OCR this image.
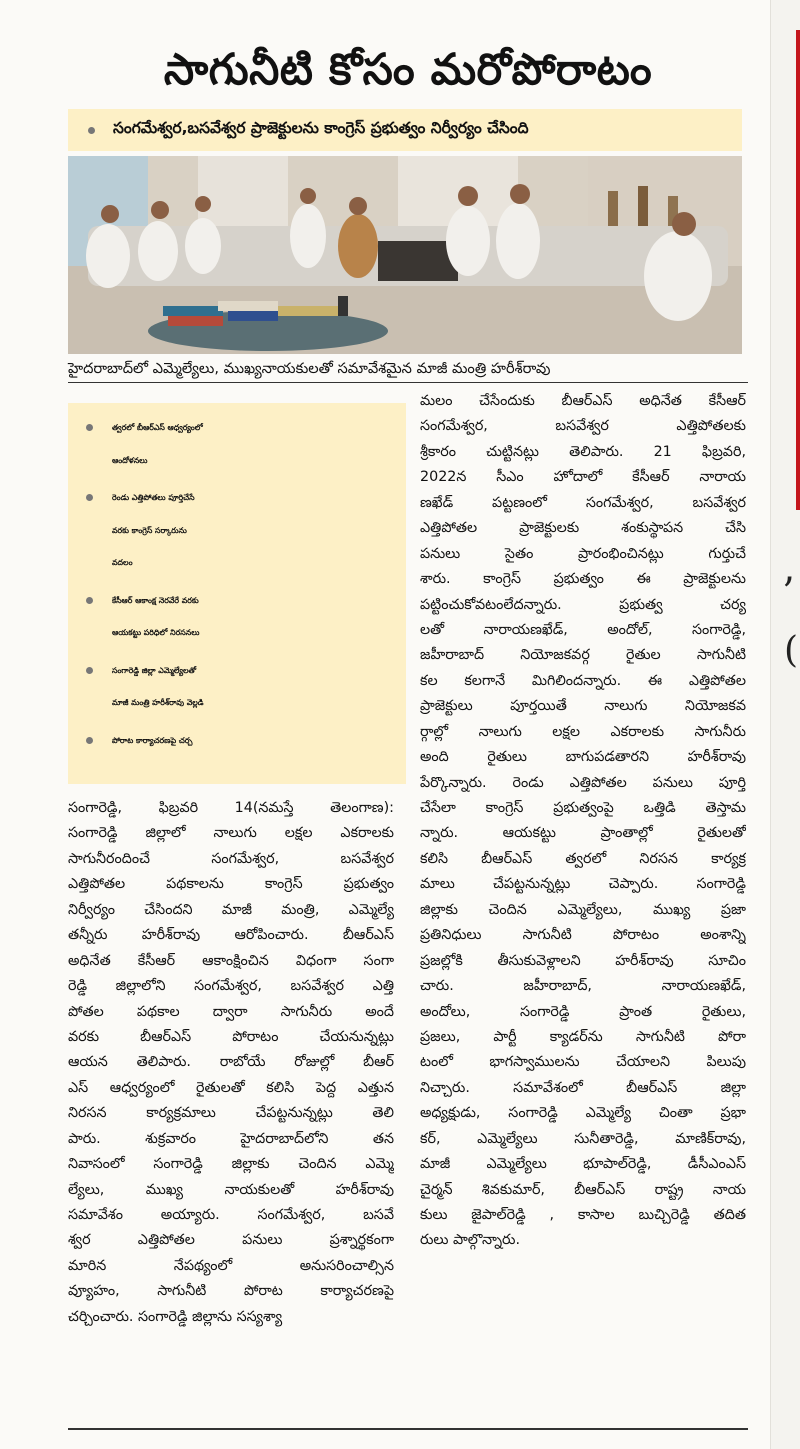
’
(
సాగునీటి కోసం మరోపోరాటం
సంగమేశ్వర,బసవేశ్వర ప్రాజెక్టులను కాంగ్రెస్ ప్రభుత్వం నిర్వీర్యం చేసింది
హైదరాబాద్‌లో ఎమ్మెల్యేలు, ముఖ్యనాయకులతో సమావేశమైన మాజీ మంత్రి హరీశ్‌రావు
త్వరలో బీఆర్ఎస్ ఆధ్వర్యంలో
ఆందోళనలు
రెండు ఎత్తిపోతలు పూర్తిచేసే
వరకు కాంగ్రెస్ సర్కారును
వదలం
కేసీఆర్ ఆకాంక్ష నెరవేరే వరకు
ఆయకట్టు పరిధిలో నిరసనలు
సంగారెడ్డి జిల్లా ఎమ్మెల్యేలతో
మాజీ మంత్రి హరీశ్‌రావు వెల్లడి
పోరాట కార్యాచరణపై చర్చ
సంగారెడ్డి, ఫిబ్రవరి 14(నమస్తే తెలంగాణ):
సంగారెడ్డి జిల్లాలో నాలుగు లక్షల ఎకరాలకు
సాగునీరందించే సంగమేశ్వర, బసవేశ్వర
ఎత్తిపోతల పథకాలను కాంగ్రెస్ ప్రభుత్వం
నిర్వీర్యం చేసిందని మాజీ మంత్రి, ఎమ్మెల్యే
తన్నీరు హరీశ్‌రావు ఆరోపించారు. బీఆర్ఎస్
అధినేత కేసీఆర్ ఆకాంక్షించిన విధంగా సంగా
రెడ్డి జిల్లాలోని సంగమేశ్వర, బసవేశ్వర ఎత్తి
పోతల పథకాల ద్వారా సాగునీరు అందే
వరకు బీఆర్ఎస్ పోరాటం చేయనున్నట్లు
ఆయన తెలిపారు. రాబోయే రోజుల్లో బీఆర్
ఎస్ ఆధ్వర్యంలో రైతులతో కలిసి పెద్ద ఎత్తున
నిరసన కార్యక్రమాలు చేపట్టనున్నట్లు తెలి
పారు. శుక్రవారం హైదరాబాద్‌లోని తన
నివాసంలో సంగారెడ్డి జిల్లాకు చెందిన ఎమ్మె
ల్యేలు, ముఖ్య నాయకులతో హరీశ్‌రావు
సమావేశం అయ్యారు. సంగమేశ్వర, బసవే
శ్వర ఎత్తిపోతల పనులు ప్రశ్నార్థకంగా
మారిన నేపథ్యంలో అనుసరించాల్సిన
వ్యూహం, సాగునీటి పోరాట కార్యాచరణపై
చర్చించారు. సంగారెడ్డి జిల్లాను సస్యశ్యా
మలం చేసేందుకు బీఆర్ఎస్ అధినేత కేసీఆర్
సంగమేశ్వర, బసవేశ్వర ఎత్తిపోతలకు
శ్రీకారం చుట్టినట్లు తెలిపారు. 21 ఫిబ్రవరి,
2022న సీఎం హోదాలో కేసీఆర్ నారాయ
ణఖేడ్ పట్టణంలో సంగమేశ్వర, బసవేశ్వర
ఎత్తిపోతల ప్రాజెక్టులకు శంకుస్థాపన చేసి
పనులు సైతం ప్రారంభించినట్లు గుర్తుచే
శారు. కాంగ్రెస్ ప్రభుత్వం ఈ ప్రాజెక్టులను
పట్టించుకోవటంలేదన్నారు. ప్రభుత్వ చర్య
లతో నారాయణఖేడ్, అందోల్, సంగారెడ్డి,
జహీరాబాద్ నియోజకవర్గ రైతుల సాగునీటి
కల కలగానే మిగిలిందన్నారు. ఈ ఎత్తిపోతల
ప్రాజెక్టులు పూర్తయితే నాలుగు నియోజకవ
ర్గాల్లో నాలుగు లక్షల ఎకరాలకు సాగునీరు
అంది రైతులు బాగుపడతారని హరీశ్‌రావు
పేర్కొన్నారు. రెండు ఎత్తిపోతల పనులు పూర్తి
చేసేలా కాంగ్రెస్ ప్రభుత్వంపై ఒత్తిడి తెస్తామ
న్నారు. ఆయకట్టు ప్రాంతాల్లో రైతులతో
కలిసి బీఆర్ఎస్ త్వరలో నిరసన కార్యక్ర
మాలు చేపట్టనున్నట్లు చెప్పారు. సంగారెడ్డి
జిల్లాకు చెందిన ఎమ్మెల్యేలు, ముఖ్య ప్రజా
ప్రతినిధులు సాగునీటి పోరాటం అంశాన్ని
ప్రజల్లోకి తీసుకువెళ్లాలని హరీశ్‌రావు సూచిం
చారు. జహీరాబాద్, నారాయణఖేడ్,
అందోలు, సంగారెడ్డి ప్రాంత రైతులు,
ప్రజలు, పార్టీ క్యాడర్‌ను సాగునీటి పోరా
టంలో భాగస్వాములను చేయాలని పిలుపు
నిచ్చారు. సమావేశంలో బీఆర్ఎస్ జిల్లా
అధ్యక్షుడు, సంగారెడ్డి ఎమ్మెల్యే చింతా ప్రభా
కర్, ఎమ్మెల్యేలు సునీతారెడ్డి, మాణిక్‌రావు,
మాజీ ఎమ్మెల్యేలు భూపాల్‌రెడ్డి, డీసీఎంఎస్
చైర్మన్ శివకుమార్, బీఆర్ఎస్ రాష్ట్ర నాయ
కులు జైపాల్‌రెడ్డి , కాసాల బుచ్చిరెడ్డి తదిత
రులు పాల్గొన్నారు.
